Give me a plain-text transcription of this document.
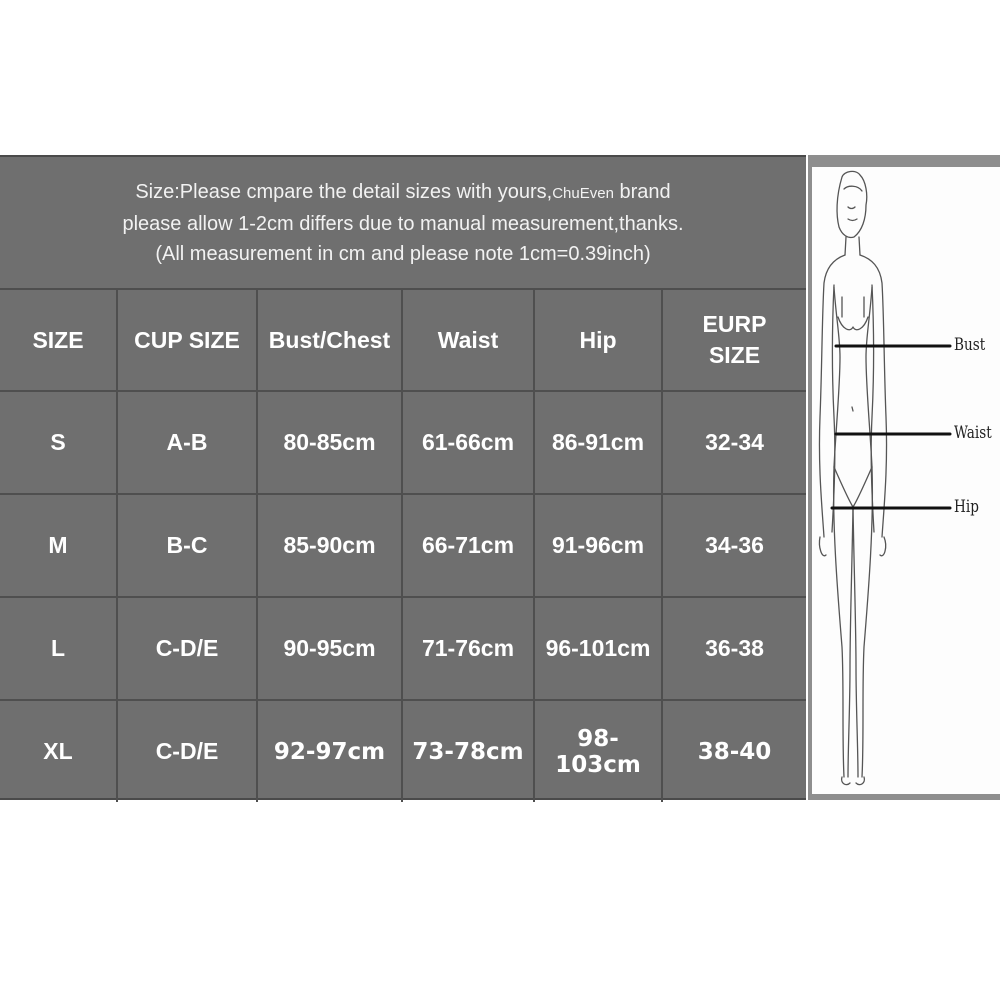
Size:Please cmpare the detail sizes with yours,ChuEven brand
please allow 1-2cm differs due to manual measurement,thanks.
(All measurement in cm and please note 1cm=0.39inch)
SIZE	CUP SIZE	Bust/Chest	Waist	Hip	EURP
SIZE
S	A-B	80-85cm	61-66cm	86-91cm	32-34
M	B-C	85-90cm	66-71cm	91-96cm	34-36
L	C-D/E	90-95cm	71-76cm	96-101cm	36-38
XL	C-D/E	92-97cm	73-78cm	98-103cm	38-40
Bust
Waist
Hip
